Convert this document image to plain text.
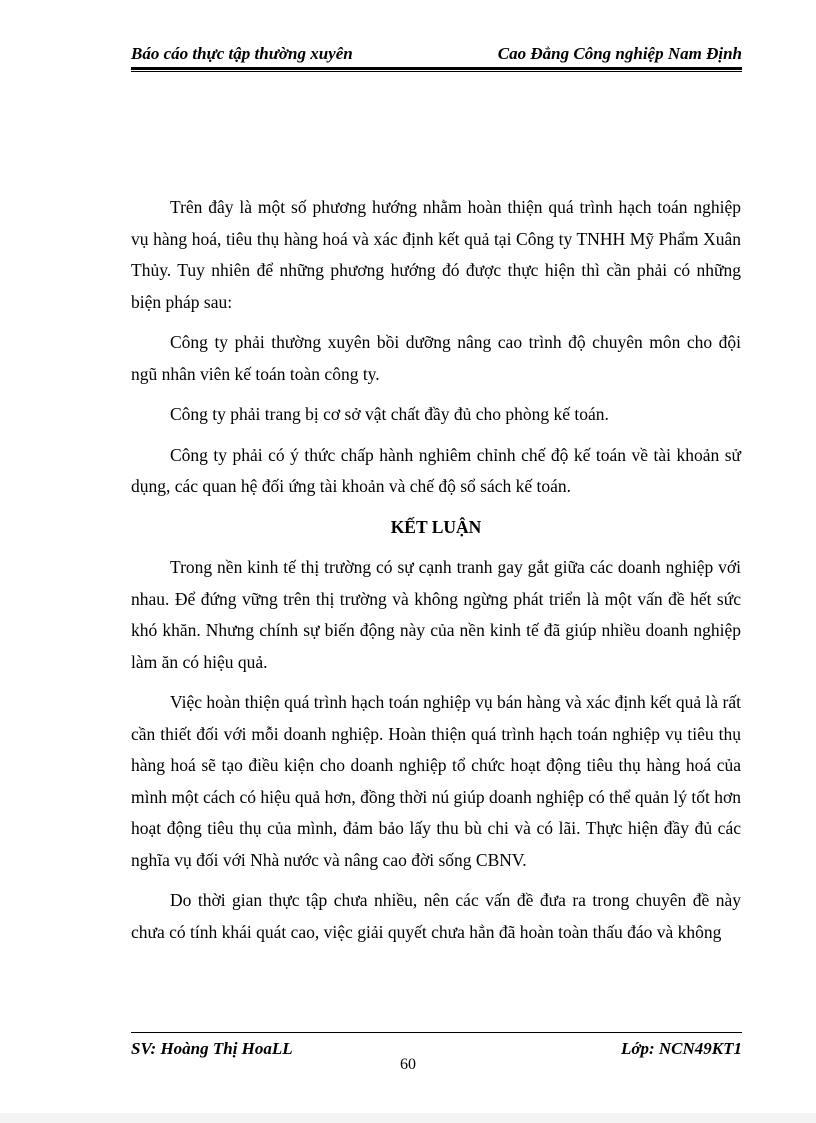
Báo cáo thực tập thường xuyên	Cao Đẳng Công nghiệp Nam Định

Trên đây là một số phương hướng nhằm hoàn thiện quá trình hạch toán nghiệp vụ hàng hoá, tiêu thụ hàng hoá và xác định kết quả tại Công ty TNHH Mỹ Phẩm Xuân Thủy. Tuy nhiên để những phương hướng đó được thực hiện thì cần phải có những biện pháp sau:

Công ty phải thường xuyên bồi dưỡng nâng cao trình độ chuyên môn cho đội ngũ nhân viên kế toán toàn công ty.

Công ty phải trang bị cơ sở vật chất đầy đủ cho phòng kế toán.

Công ty phải có ý thức chấp hành nghiêm chỉnh chế độ kế toán về tài khoản sử dụng, các quan hệ đối ứng tài khoản và chế độ sổ sách kế toán.

KẾT LUẬN

Trong nền kinh tế thị trường có sự cạnh tranh gay gắt giữa các doanh nghiệp với nhau. Để đứng vững trên thị trường và không ngừng phát triển là một vấn đề hết sức khó khăn. Nhưng chính sự biến động này của nền kinh tế đã giúp nhiều doanh nghiệp làm ăn có hiệu quả.

Việc hoàn thiện quá trình hạch toán nghiệp vụ bán hàng và xác định kết quả là rất cần thiết đối với mỗi doanh nghiệp. Hoàn thiện quá trình hạch toán nghiệp vụ tiêu thụ hàng hoá sẽ tạo điều kiện cho doanh nghiệp tổ chức hoạt động tiêu thụ hàng hoá của mình một cách có hiệu quả hơn, đồng thời nú giúp doanh nghiệp có thể quản lý tốt hơn hoạt động tiêu thụ của mình, đảm bảo lấy thu bù chi và có lãi. Thực hiện đầy đủ các nghĩa vụ đối với Nhà nước và nâng cao đời sống CBNV.

Do thời gian thực tập chưa nhiều, nên các vấn đề đưa ra trong chuyên đề này chưa có tính khái quát cao, việc giải quyết chưa hẳn đã hoàn toàn thấu đáo và không

SV: Hoàng Thị HoaLL	Lớp: NCN49KT1
60
